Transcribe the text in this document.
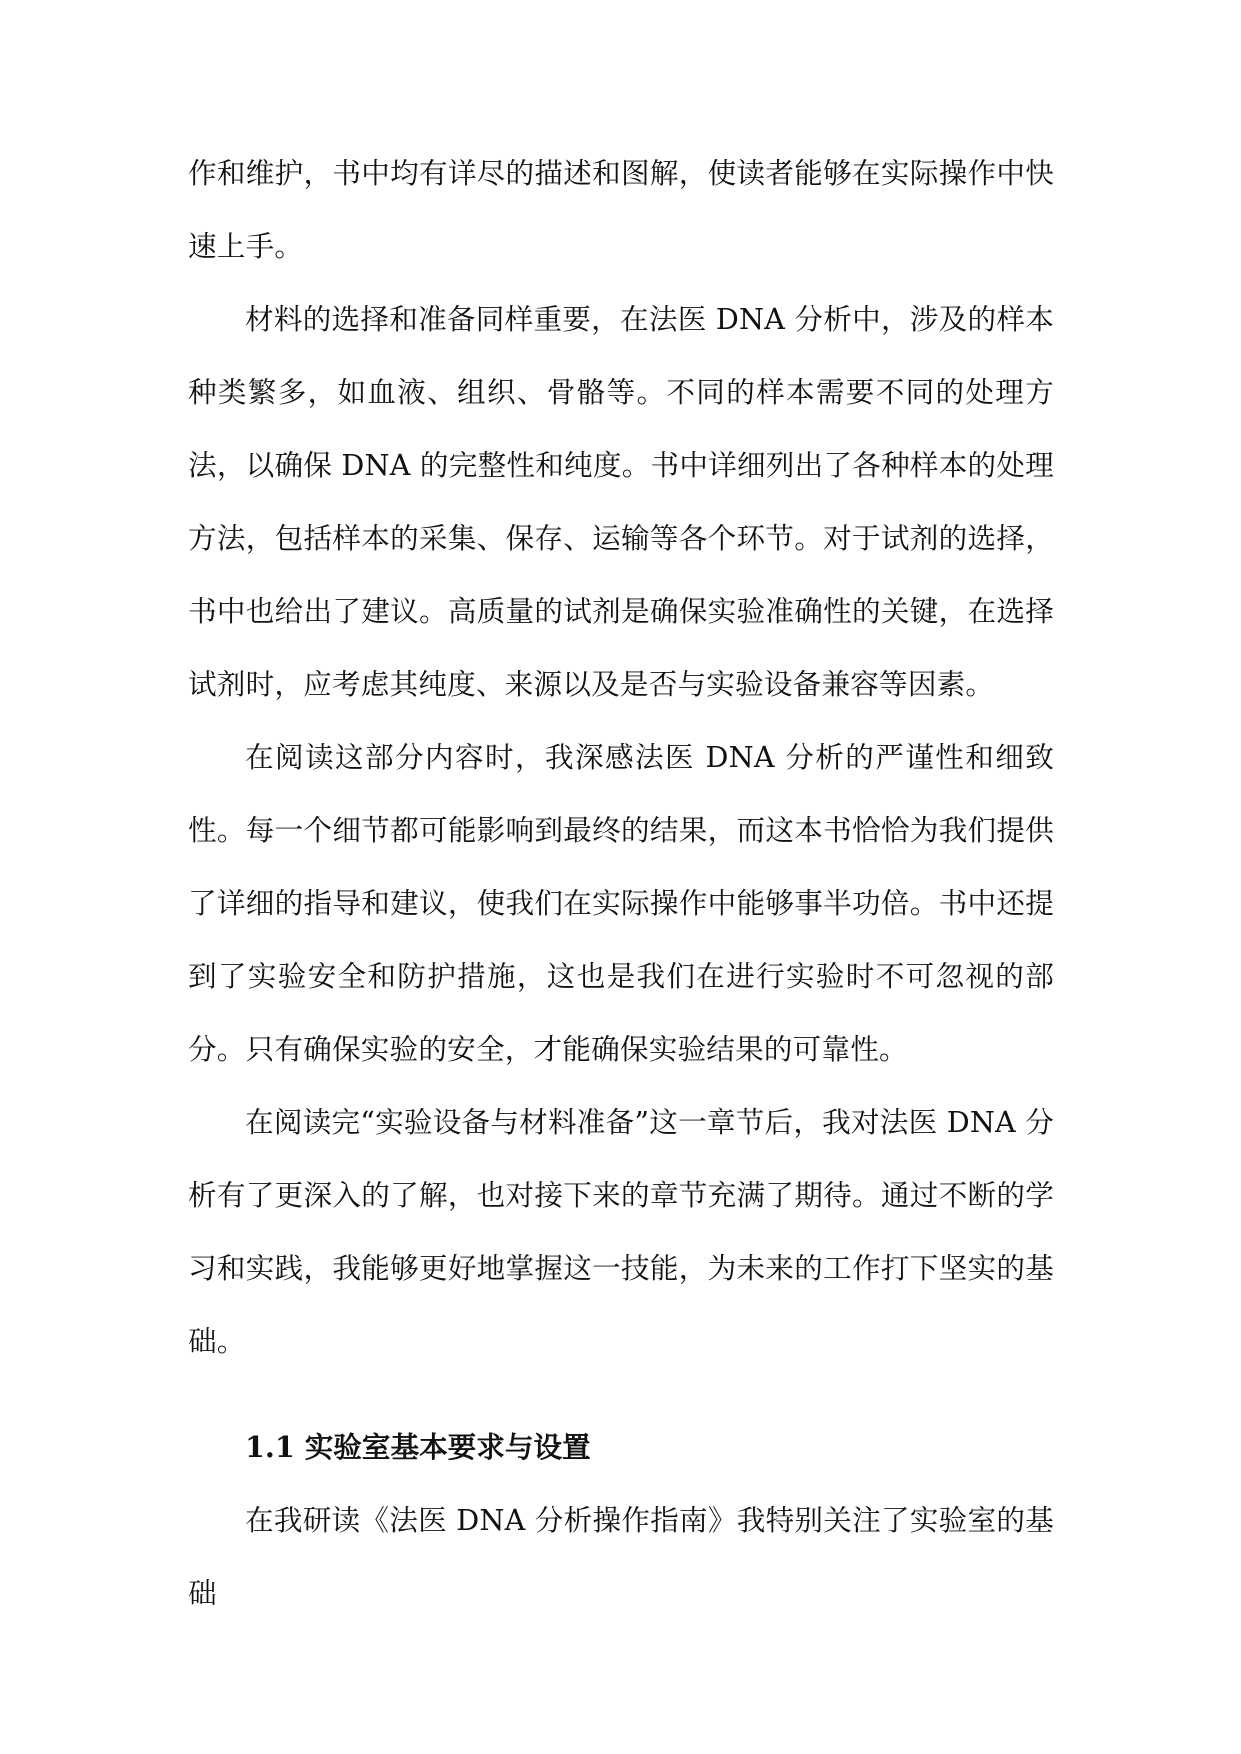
作和维护，书中均有详尽的描述和图解，使读者能够在实际操作中快速上手。

材料的选择和准备同样重要，在法医 DNA 分析中，涉及的样本种类繁多，如血液、组织、骨骼等。不同的样本需要不同的处理方法，以确保 DNA 的完整性和纯度。书中详细列出了各种样本的处理方法，包括样本的采集、保存、运输等各个环节。对于试剂的选择，书中也给出了建议。高质量的试剂是确保实验准确性的关键，在选择试剂时，应考虑其纯度、来源以及是否与实验设备兼容等因素。

在阅读这部分内容时，我深感法医 DNA 分析的严谨性和细致性。每一个细节都可能影响到最终的结果，而这本书恰恰为我们提供了详细的指导和建议，使我们在实际操作中能够事半功倍。书中还提到了实验安全和防护措施，这也是我们在进行实验时不可忽视的部分。只有确保实验的安全，才能确保实验结果的可靠性。

在阅读完“实验设备与材料准备”这一章节后，我对法医 DNA 分析有了更深入的了解，也对接下来的章节充满了期待。通过不断的学习和实践，我能够更好地掌握这一技能，为未来的工作打下坚实的基础。

1.1 实验室基本要求与设置

在我研读《法医 DNA 分析操作指南》我特别关注了实验室的基础
